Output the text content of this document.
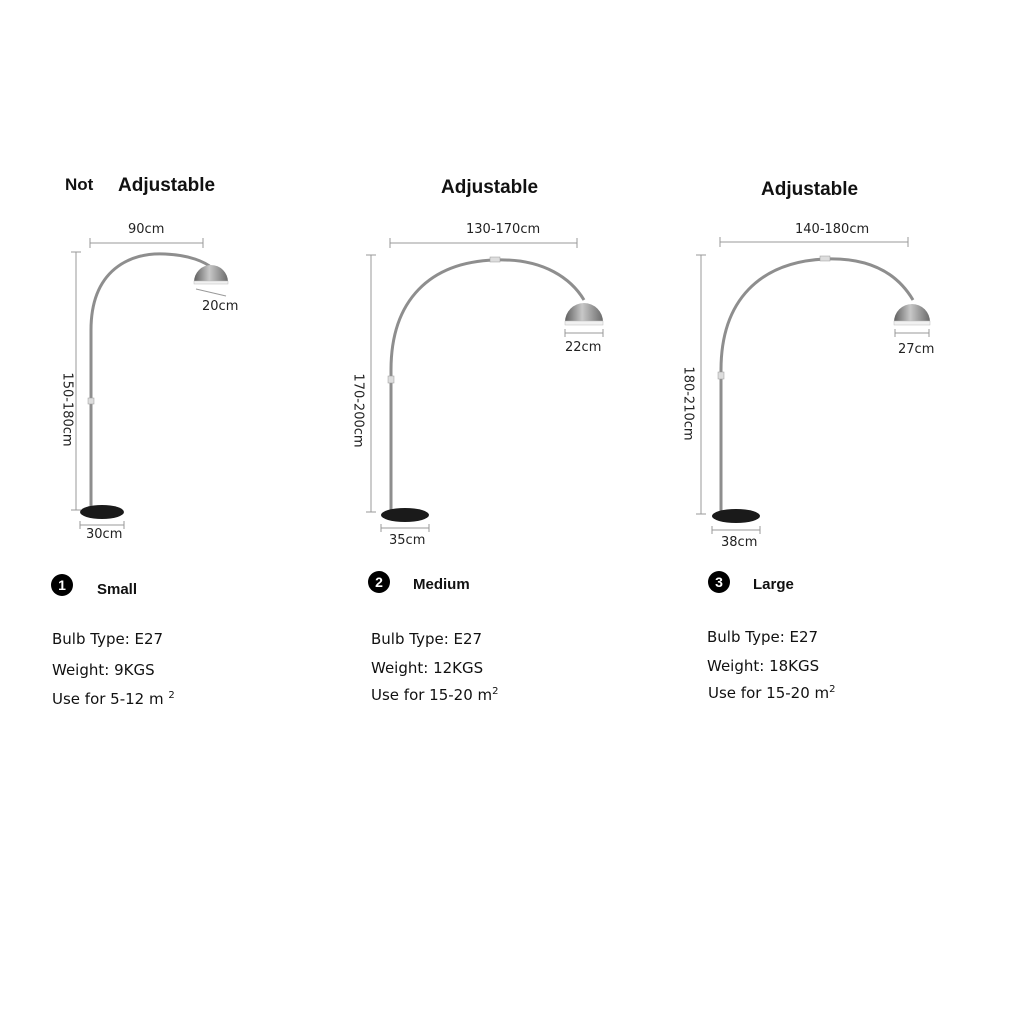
Not Adjustable
90cm
20cm
150-180cm
30cm
1	Small
Bulb Type: E27
Weight: 9KGS
Use for 5-12 m $^2$
Adjustable
130-170cm
22cm
170-200cm
35cm
2	Medium
Bulb Type: E27
Weight: 12KGS
Use for 15-20 $m^2$
Adjustable
140-180cm
27cm
180-210cm
38cm
3	Large
Bulb Type: E27
Weight: 18KGS
Use for 15-20 $m^2$
